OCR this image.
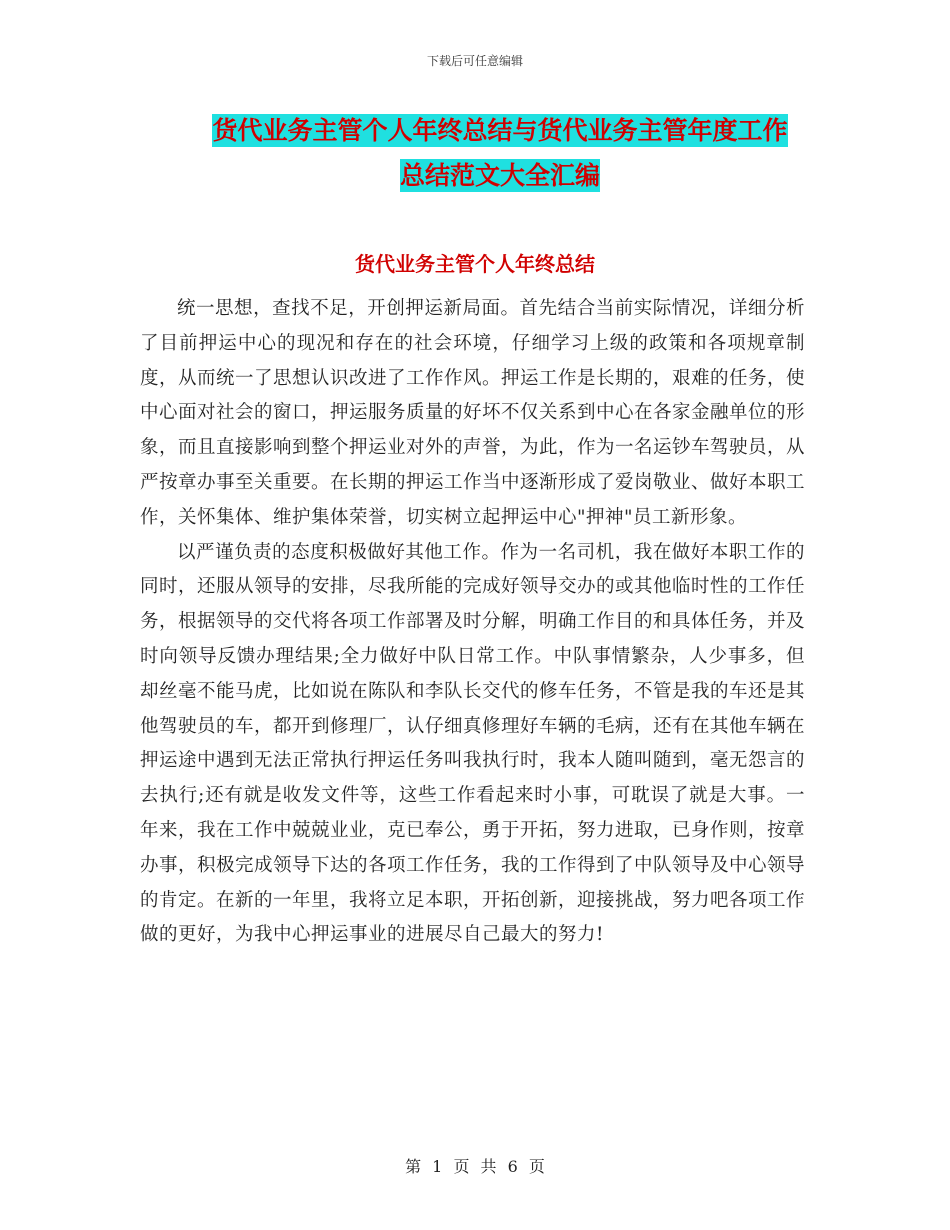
下载后可任意编辑
货代业务主管个人年终总结与货代业务主管年度工作
总结范文大全汇编
货代业务主管个人年终总结

统一思想，查找不足，开创押运新局面。首先结合当前实际情况，详细分析了目前押运中心的现况和存在的社会环境，仔细学习上级的政策和各项规章制度，从而统一了思想认识改进了工作作风。押运工作是长期的，艰难的任务，使中心面对社会的窗口，押运服务质量的好坏不仅关系到中心在各家金融单位的形象，而且直接影响到整个押运业对外的声誉，为此，作为一名运钞车驾驶员，从严按章办事至关重要。在长期的押运工作当中逐渐形成了爱岗敬业、做好本职工作，关怀集体、维护集体荣誉，切实树立起押运中心"押神"员工新形象。

以严谨负责的态度积极做好其他工作。作为一名司机，我在做好本职工作的同时，还服从领导的安排，尽我所能的完成好领导交办的或其他临时性的工作任务，根据领导的交代将各项工作部署及时分解，明确工作目的和具体任务，并及时向领导反馈办理结果;全力做好中队日常工作。中队事情繁杂，人少事多，但却丝毫不能马虎，比如说在陈队和李队长交代的修车任务，不管是我的车还是其他驾驶员的车，都开到修理厂，认仔细真修理好车辆的毛病，还有在其他车辆在押运途中遇到无法正常执行押运任务叫我执行时，我本人随叫随到，毫无怨言的去执行;还有就是收发文件等，这些工作看起来时小事，可耽误了就是大事。一年来，我在工作中兢兢业业，克已奉公，勇于开拓，努力进取，已身作则，按章办事，积极完成领导下达的各项工作任务，我的工作得到了中队领导及中心领导的肯定。在新的一年里，我将立足本职，开拓创新，迎接挑战，努力吧各项工作做的更好，为我中心押运事业的进展尽自己最大的努力!

第 1 页 共 6 页
